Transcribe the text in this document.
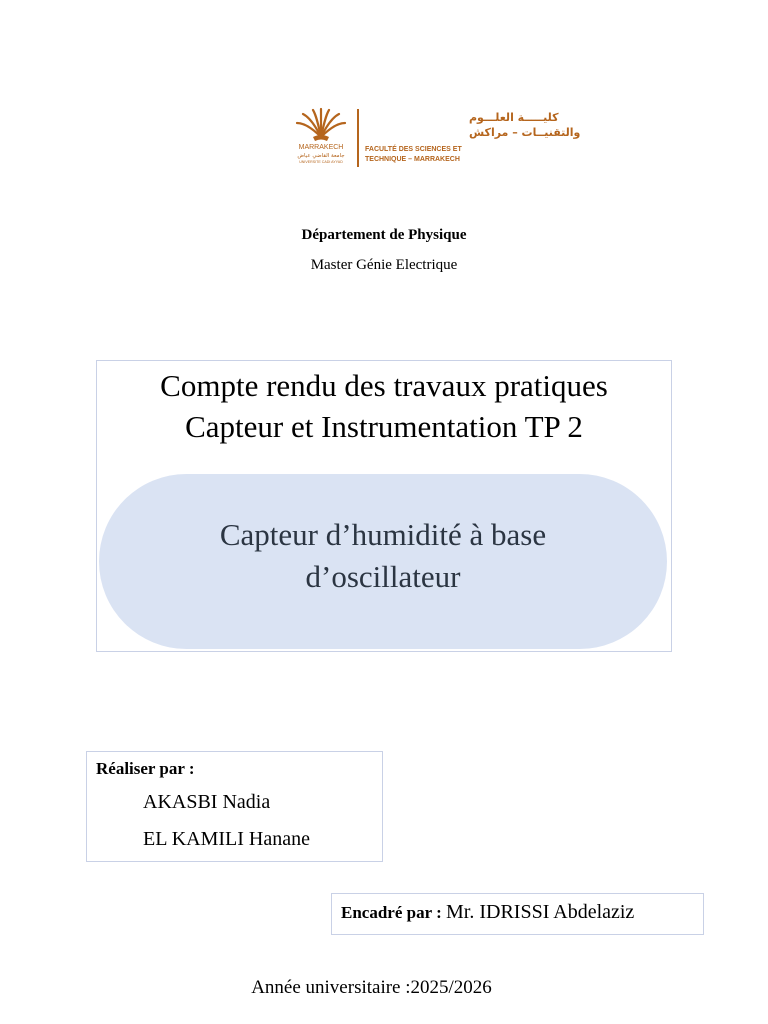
MARRAKECH
جامعة القاضي عياض
UNIVERSITE CADI AYYAD
كليـــــة العلـــوم
والتقنيــات – مراكش
FACULTÉ DES SCIENCES ET
TECHNIQUE – MARRAKECH
Département de Physique
Master Génie Electrique
Compte rendu des travaux pratiques
Capteur et Instrumentation TP 2
Capteur d’humidité à base
d’oscillateur
Réaliser par :
AKASBI Nadia
EL KAMILI Hanane
Encadré par : Mr. IDRISSI Abdelaziz
Année universitaire :2025/2026
